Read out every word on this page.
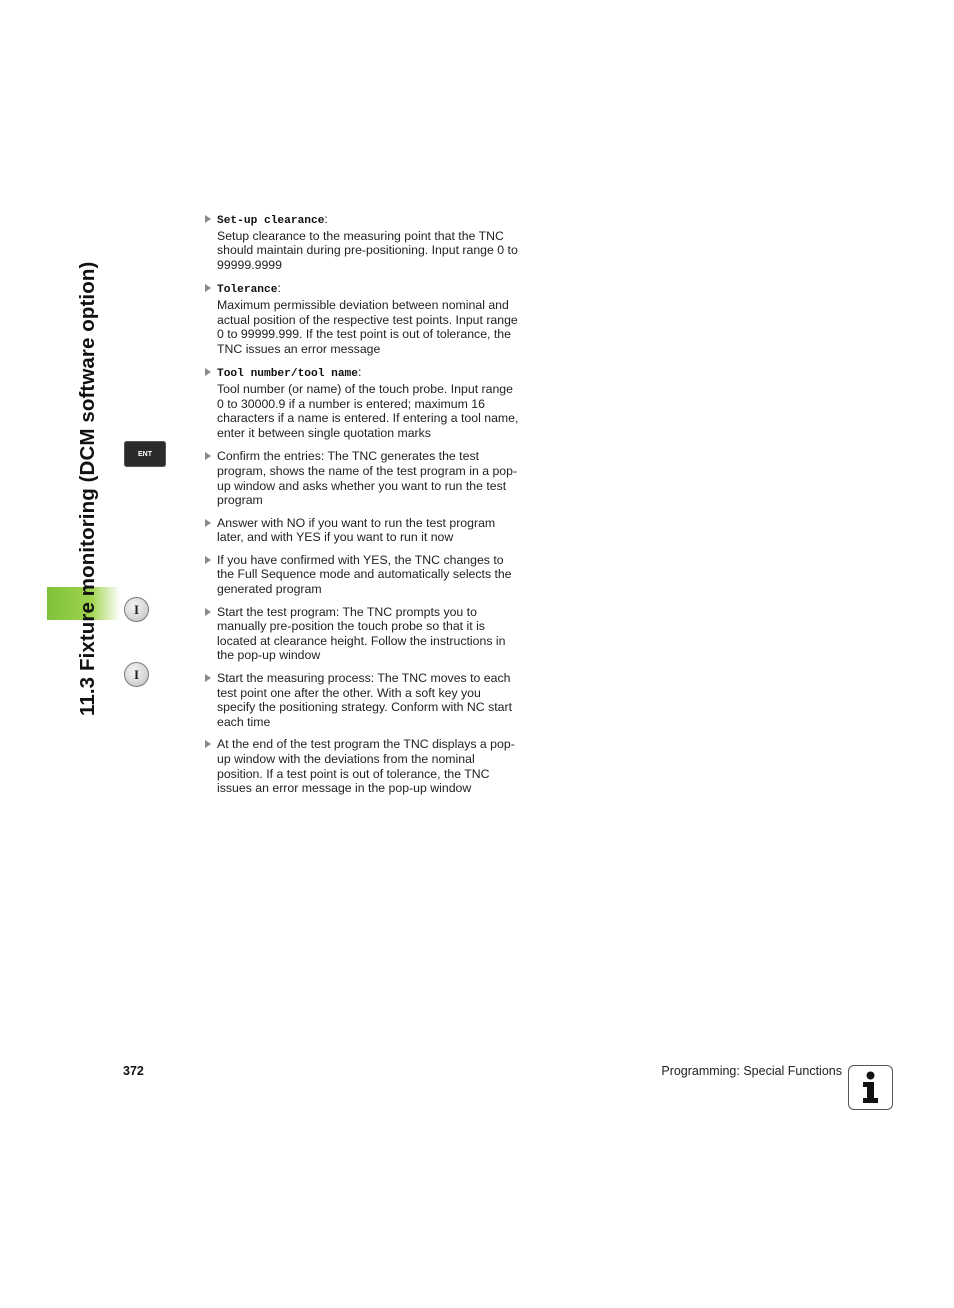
11.3 Fixture monitoring (DCM software option)	ENT
I
I
Set-up clearance:
Setup clearance to the measuring point that the TNC should maintain during pre-positioning. Input range 0 to 99999.9999
Tolerance:
Maximum permissible deviation between nominal and actual position of the respective test points. Input range 0 to 99999.999. If the test point is out of tolerance, the TNC issues an error message
Tool number/tool name:
Tool number (or name) of the touch probe. Input range 0 to 30000.9 if a number is entered; maximum 16 characters if a name is entered. If entering a tool name, enter it between single quotation marks
Confirm the entries: The TNC generates the test program, shows the name of the test program in a pop-up window and asks whether you want to run the test program
Answer with NO if you want to run the test program later, and with YES if you want to run it now
If you have confirmed with YES, the TNC changes to the Full Sequence mode and automatically selects the generated program
Start the test program: The TNC prompts you to manually pre-position the touch probe so that it is located at clearance height. Follow the instructions in the pop-up window
Start the measuring process: The TNC moves to each test point one after the other. With a soft key you specify the positioning strategy. Conform with NC start each time
At the end of the test program the TNC displays a pop-up window with the deviations from the nominal position. If a test point is out of tolerance, the TNC issues an error message in the pop-up window
372	Programming: Special Functions
